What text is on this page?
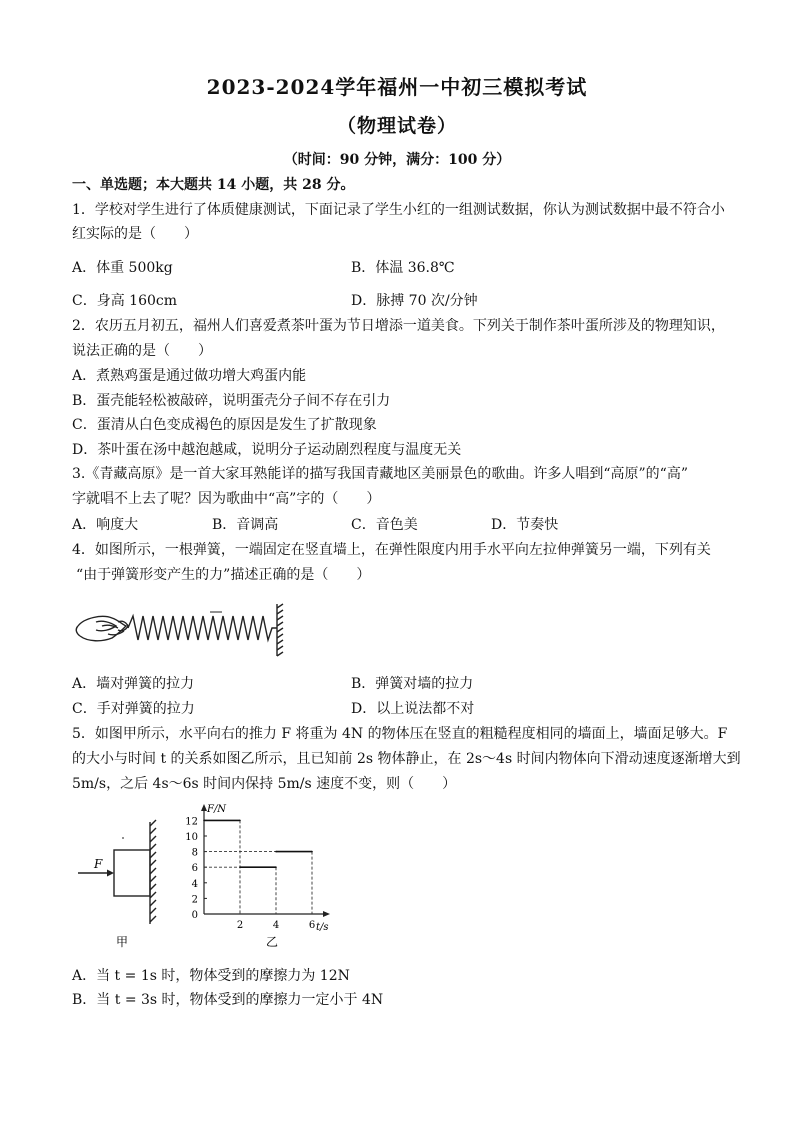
2023-2024学年福州一中初三模拟考试
（物理试卷）
（时间：90 分钟，满分：100 分）
一、单选题；本大题共 14 小题，共 28 分。
1．学校对学生进行了体质健康测试，下面记录了学生小红的一组测试数据，你认为测试数据中最不符合小
红实际的是（　　）
A．体重 500kg	B．体温 36.8℃
C．身高 160cm	D．脉搏 70 次/分钟
2．农历五月初五，福州人们喜爱煮茶叶蛋为节日增添一道美食。下列关于制作茶叶蛋所涉及的物理知识，
说法正确的是（　　）
A．煮熟鸡蛋是通过做功增大鸡蛋内能
B．蛋壳能轻松被敲碎，说明蛋壳分子间不存在引力
C．蛋清从白色变成褐色的原因是发生了扩散现象
D．茶叶蛋在汤中越泡越咸，说明分子运动剧烈程度与温度无关
3.《青藏高原》是一首大家耳熟能详的描写我国青藏地区美丽景色的歌曲。许多人唱到“高原”的“高”
字就唱不上去了呢？因为歌曲中“高”字的（　　）
A．响度大	B．音调高	C．音色美	D．节奏快
4．如图所示，一根弹簧，一端固定在竖直墙上，在弹性限度内用手水平向左拉伸弹簧另一端，下列有关
“由于弹簧形变产生的力”描述正确的是（　　）
A．墙对弹簧的拉力	B．弹簧对墙的拉力
C．手对弹簧的拉力	D．以上说法都不对
5．如图甲所示，水平向右的推力 F 将重为 4N 的物体压在竖直的粗糙程度相同的墙面上，墙面足够大。F
的大小与时间 t 的关系如图乙所示，且已知前 2s 物体静止，在 2s～4s 时间内物体向下滑动速度逐渐增大到
5m/s，之后 4s～6s 时间内保持 5m/s 速度不变，则（　　）
F
甲
F/N
t/s
0
2
4
6
8
10
12
2	4	6
乙
A．当 t = 1s 时，物体受到的摩擦力为 12N
B．当 t = 3s 时，物体受到的摩擦力一定小于 4N
